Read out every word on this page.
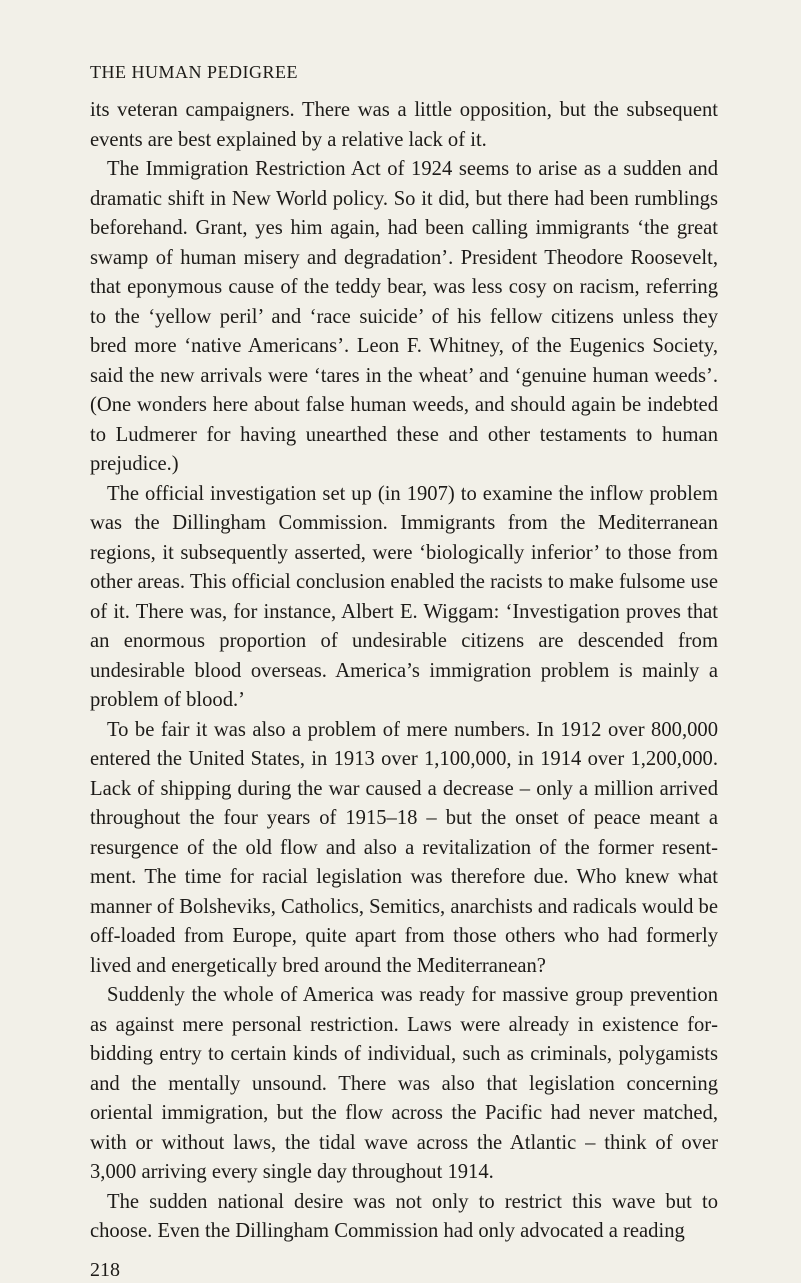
THE HUMAN PEDIGREE

its veteran campaigners. There was a little opposition, but the subsequent events are best explained by a relative lack of it.

The Immigration Restriction Act of 1924 seems to arise as a sudden and dramatic shift in New World policy. So it did, but there had been rumblings beforehand. Grant, yes him again, had been calling immigrants ‘the great swamp of human misery and degradation’. President Theodore Roosevelt, that eponymous cause of the teddy bear, was less cosy on racism, referring to the ‘yellow peril’ and ‘race suicide’ of his fellow citizens unless they bred more ‘native Americans’. Leon F. Whitney, of the Eugenics Society, said the new arrivals were ‘tares in the wheat’ and ‘genuine human weeds’. (One wonders here about false human weeds, and should again be indebted to Ludmerer for having unearthed these and other testaments to human prejudice.)

The official investigation set up (in 1907) to examine the inflow problem was the Dillingham Commission. Immigrants from the Mediterranean regions, it subsequently asserted, were ‘biologically inferior’ to those from other areas. This official conclusion enabled the racists to make fulsome use of it. There was, for instance, Albert E. Wiggam: ‘Investigation proves that an enormous proportion of undesirable citizens are descended from undesirable blood overseas. America’s immigration problem is mainly a problem of blood.’

To be fair it was also a problem of mere numbers. In 1912 over 800,000 entered the United States, in 1913 over 1,100,000, in 1914 over 1,200,000. Lack of shipping during the war caused a decrease – only a million arrived throughout the four years of 1915–18 – but the onset of peace meant a resurgence of the old flow and also a revitalization of the former resentment. The time for racial legislation was therefore due. Who knew what manner of Bolsheviks, Catholics, Semitics, anarchists and radicals would be off-loaded from Europe, quite apart from those others who had formerly lived and energetically bred around the Mediterranean?

Suddenly the whole of America was ready for massive group prevention as against mere personal restriction. Laws were already in existence forbidding entry to certain kinds of individual, such as criminals, polygamists and the mentally unsound. There was also that legislation concerning oriental immigration, but the flow across the Pacific had never matched, with or without laws, the tidal wave across the Atlantic – think of over 3,000 arriving every single day throughout 1914.

The sudden national desire was not only to restrict this wave but to choose. Even the Dillingham Commission had only advocated a reading

218
